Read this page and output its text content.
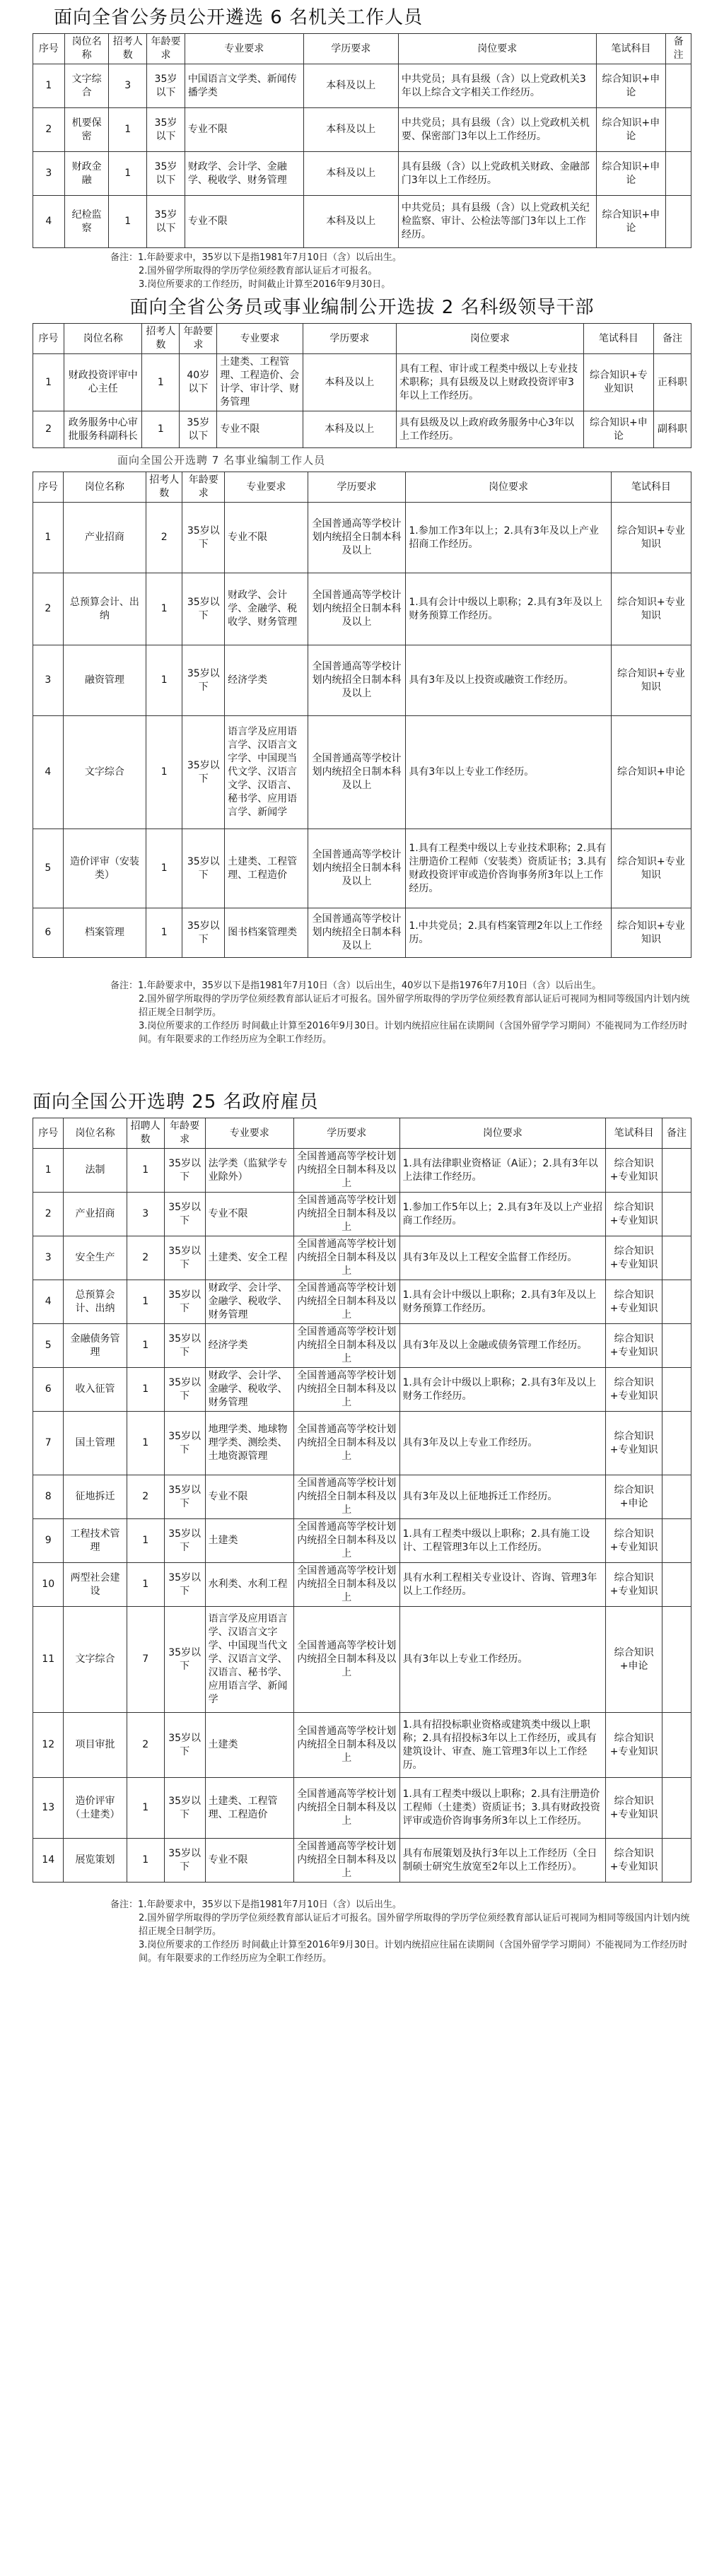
面向全省公务员公开遴选 6 名机关工作人员
序号	岗位名称	招考人数	年龄要求	专业要求	学历要求	岗位要求	笔试科目	备注
1	文字综合	3	35岁以下	中国语言文学类、新闻传播学类	本科及以上	中共党员；具有县级（含）以上党政机关3年以上综合文字相关工作经历。	综合知识+申论	
2	机要保密	1	35岁以下	专业不限	本科及以上	中共党员；具有县级（含）以上党政机关机要、保密部门3年以上工作经历。	综合知识+申论	
3	财政金融	1	35岁以下	财政学、会计学、金融学、税收学、财务管理	本科及以上	具有县级（含）以上党政机关财政、金融部门3年以上工作经历。	综合知识+申论	
4	纪检监察	1	35岁以下	专业不限	本科及以上	中共党员；具有县级（含）以上党政机关纪检监察、审计、公检法等部门3年以上工作经历。	综合知识+申论	
备注：1.年龄要求中，35岁以下是指1981年7月10日（含）以后出生。
2.国外留学所取得的学历学位须经教育部认证后才可报名。
3.岗位所要求的工作经历，时间截止计算至2016年9月30日。
面向全省公务员或事业编制公开选拔 2 名科级领导干部
序号	岗位名称	招考人数	年龄要求	专业要求	学历要求	岗位要求	笔试科目	备注
1	财政投资评审中心主任	1	40岁以下	土建类、工程管理、工程造价、会计学、审计学、财务管理	本科及以上	具有工程、审计或工程类中级以上专业技术职称；具有县级及以上财政投资评审3年以上工作经历。	综合知识+专业知识	正科职
2	政务服务中心审批服务科副科长	1	35岁以下	专业不限	本科及以上	具有县级及以上政府政务服务中心3年以上工作经历。	综合知识+申论	副科职
面向全国公开选聘 7 名事业编制工作人员
序号	岗位名称	招考人数	年龄要求	专业要求	学历要求	岗位要求	笔试科目
1	产业招商	2	35岁以下	专业不限	全国普通高等学校计划内统招全日制本科及以上	1.参加工作3年以上；2.具有3年及以上产业招商工作经历。	综合知识+专业知识
2	总预算会计、出纳	1	35岁以下	财政学、会计学、金融学、税收学、财务管理	全国普通高等学校计划内统招全日制本科及以上	1.具有会计中级以上职称；2.具有3年及以上财务预算工作经历。	综合知识+专业知识
3	融资管理	1	35岁以下	经济学类	全国普通高等学校计划内统招全日制本科及以上	具有3年及以上投资或融资工作经历。	综合知识+专业知识
4	文字综合	1	35岁以下	语言学及应用语言学、汉语言文字学、中国现当代文学、汉语言文学、汉语言、秘书学、应用语言学、新闻学	全国普通高等学校计划内统招全日制本科及以上	具有3年以上专业工作经历。	综合知识+申论
5	造价评审（安装类）	1	35岁以下	土建类、工程管理、工程造价	全国普通高等学校计划内统招全日制本科及以上	1.具有工程类中级以上专业技术职称；2.具有注册造价工程师（安装类）资质证书；3.具有财政投资评审或造价咨询事务所3年以上工作经历。	综合知识+专业知识
6	档案管理	1	35岁以下	图书档案管理类	全国普通高等学校计划内统招全日制本科及以上	1.中共党员；2.具有档案管理2年以上工作经历。	综合知识+专业知识
备注：1.年龄要求中，35岁以下是指1981年7月10日（含）以后出生，40岁以下是指1976年7月10日（含）以后出生。
2.国外留学所取得的学历学位须经教育部认证后才可报名。国外留学所取得的学历学位须经教育部认证后可视同为相同等级国内计划内统招正规全日制学历。
3.岗位所要求的工作经历 时间截止计算至2016年9月30日。计划内统招应往届在读期间（含国外留学学习期间）不能视同为工作经历时间。有年限要求的工作经历应为全职工作经历。
面向全国公开选聘 25 名政府雇员
序号	岗位名称	招聘人数	年龄要求	专业要求	学历要求	岗位要求	笔试科目	备注
1	法制	1	35岁以下	法学类（监狱学专业除外）	全国普通高等学校计划内统招全日制本科及以上	1.具有法律职业资格证（A证）；2.具有3年以上法律工作经历。	综合知识+专业知识	
2	产业招商	3	35岁以下	专业不限	全国普通高等学校计划内统招全日制本科及以上	1.参加工作5年以上；2.具有3年及以上产业招商工作经历。	综合知识+专业知识	
3	安全生产	2	35岁以下	土建类、安全工程	全国普通高等学校计划内统招全日制本科及以上	具有3年及以上工程安全监督工作经历。	综合知识+专业知识	
4	总预算会计、出纳	1	35岁以下	财政学、会计学、金融学、税收学、财务管理	全国普通高等学校计划内统招全日制本科及以上	1.具有会计中级以上职称；2.具有3年及以上财务预算工作经历。	综合知识+专业知识	
5	金融债务管理	1	35岁以下	经济学类	全国普通高等学校计划内统招全日制本科及以上	具有3年及以上金融或债务管理工作经历。	综合知识+专业知识	
6	收入征管	1	35岁以下	财政学、会计学、金融学、税收学、财务管理	全国普通高等学校计划内统招全日制本科及以上	1.具有会计中级以上职称；2.具有3年及以上财务工作经历。	综合知识+专业知识	
7	国土管理	1	35岁以下	地理学类、地球物理学类、测绘类、土地资源管理	全国普通高等学校计划内统招全日制本科及以上	具有3年及以上专业工作经历。	综合知识+专业知识	
8	征地拆迁	2	35岁以下	专业不限	全国普通高等学校计划内统招全日制本科及以上	具有3年及以上征地拆迁工作经历。	综合知识+申论	
9	工程技术管理	1	35岁以下	土建类	全国普通高等学校计划内统招全日制本科及以上	1.具有工程类中级以上职称；2.具有施工设计、工程管理3年以上工作经历。	综合知识+专业知识	
10	两型社会建设	1	35岁以下	水利类、水利工程	全国普通高等学校计划内统招全日制本科及以上	具有水利工程相关专业设计、咨询、管理3年以上工作经历。	综合知识+专业知识	
11	文字综合	7	35岁以下	语言学及应用语言学、汉语言文字学、中国现当代文学、汉语言文学、汉语言、秘书学、应用语言学、新闻学	全国普通高等学校计划内统招全日制本科及以上	具有3年以上专业工作经历。	综合知识+申论	
12	项目审批	2	35岁以下	土建类	全国普通高等学校计划内统招全日制本科及以上	1.具有招投标职业资格或建筑类中级以上职称；2.具有招投标3年以上工作经历，或具有建筑设计、审查、施工管理3年以上工作经历。	综合知识+专业知识	
13	造价评审（土建类）	1	35岁以下	土建类、工程管理、工程造价	全国普通高等学校计划内统招全日制本科及以上	1.具有工程类中级以上职称；2.具有注册造价工程师（土建类）资质证书；3.具有财政投资评审或造价咨询事务所3年以上工作经历。	综合知识+专业知识	
14	展览策划	1	35岁以下	专业不限	全国普通高等学校计划内统招全日制本科及以上	具有布展策划及执行3年以上工作经历（全日制硕士研究生放宽至2年以上工作经历）。	综合知识+专业知识	
备注：1.年龄要求中，35岁以下是指1981年7月10日（含）以后出生。
2.国外留学所取得的学历学位须经教育部认证后才可报名。国外留学所取得的学历学位须经教育部认证后可视同为相同等级国内计划内统招正规全日制学历。
3.岗位所要求的工作经历 时间截止计算至2016年9月30日。计划内统招应往届在读期间（含国外留学学习期间）不能视同为工作经历时间。有年限要求的工作经历应为全职工作经历。
